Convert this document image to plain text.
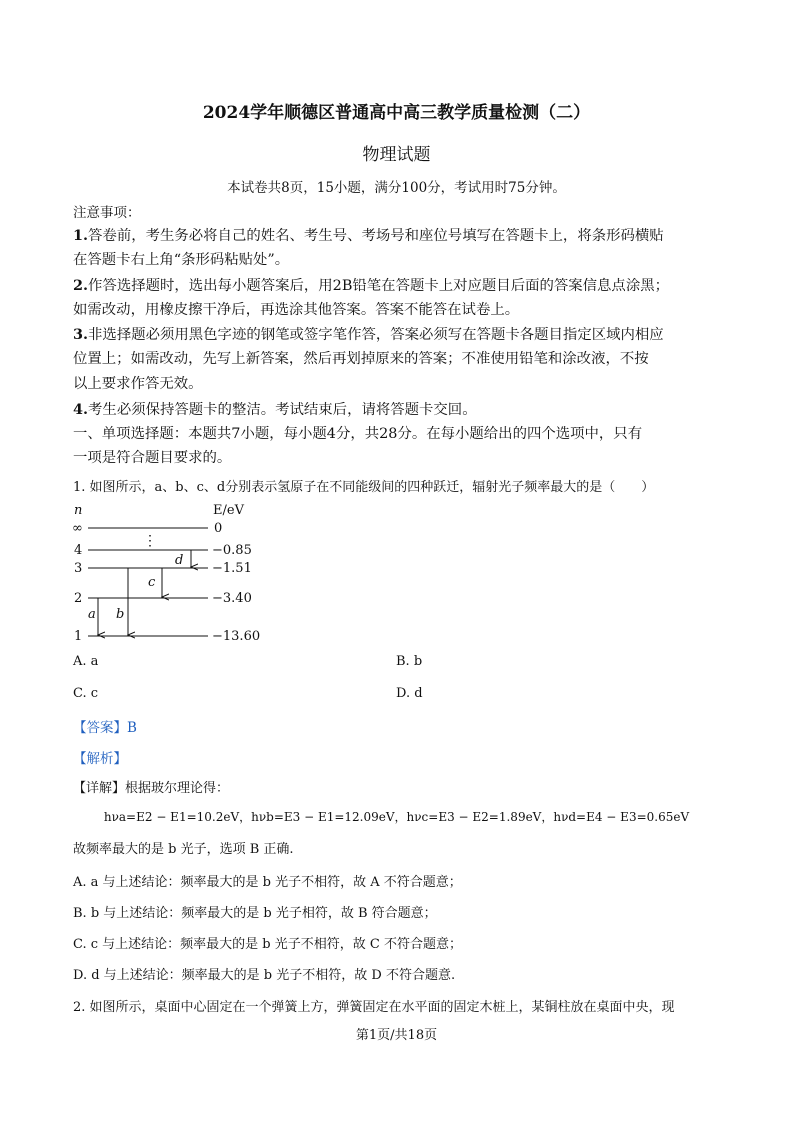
2024学年顺德区普通高中高三教学质量检测（二）
物理试题
本试卷共8页，15小题，满分100分，考试用时75分钟。
注意事项：
1.答卷前，考生务必将自己的姓名、考生号、考场号和座位号填写在答题卡上，将条形码横贴
在答题卡右上角“条形码粘贴处”。
2.作答选择题时，选出每小题答案后，用2B铅笔在答题卡上对应题目后面的答案信息点涂黑；
如需改动，用橡皮擦干净后，再选涂其他答案。答案不能答在试卷上。
3.非选择题必须用黑色字迹的钢笔或签字笔作答，答案必须写在答题卡各题目指定区域内相应
位置上；如需改动，先写上新答案，然后再划掉原来的答案；不准使用铅笔和涂改液，不按
以上要求作答无效。
4.考生必须保持答题卡的整洁。考试结束后，请将答题卡交回。
一、单项选择题：本题共7小题，每小题4分，共28分。在每小题给出的四个选项中，只有
一项是符合题目要求的。
1. 如图所示，a、b、c、d分别表示氢原子在不同能级间的四种跃迁，辐射光子频率最大的是（　　）
n	E/eV
∞
4
3
2
1
0
−0.85
−1.51
−3.40
−13.60
⋮
a b
c
d
A. a	B. b
C. c	D. d
【答案】B
【解析】
【详解】根据玻尔理论得：
hνa=E2 − E1=10.2eV，hνb=E3 − E1=12.09eV，hνc=E3 − E2=1.89eV，hνd=E4 − E3=0.65eV
故频率最大的是 b 光子，选项 B 正确.
A. a 与上述结论：频率最大的是 b 光子不相符，故 A 不符合题意；
B. b 与上述结论：频率最大的是 b 光子相符，故 B 符合题意；
C. c 与上述结论：频率最大的是 b 光子不相符，故 C 不符合题意；
D. d 与上述结论：频率最大的是 b 光子不相符，故 D 不符合题意.
2. 如图所示，桌面中心固定在一个弹簧上方，弹簧固定在水平面的固定木桩上，某铜柱放在桌面中央，现
第1页/共18页
